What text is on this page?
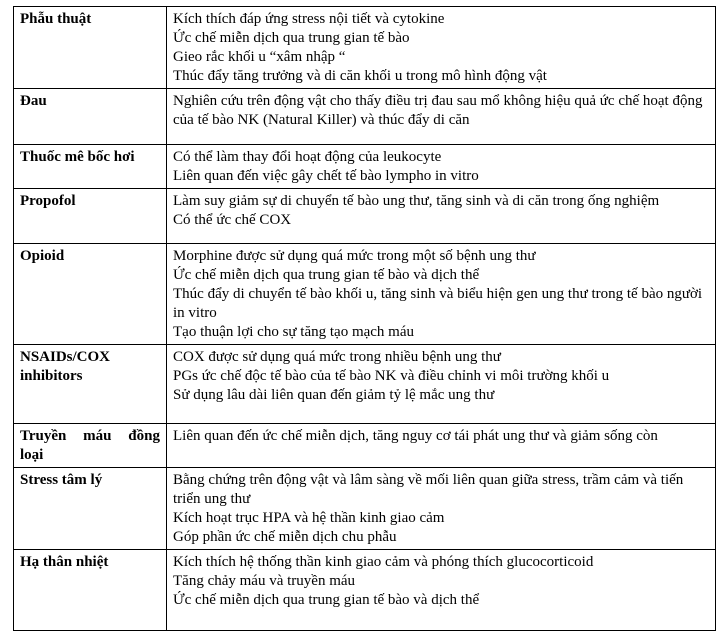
Phẫu thuật	Kích thích đáp ứng stress nội tiết và cytokine
Ức chế miễn dịch qua trung gian tế bào
Gieo rắc khối u “xâm nhập “
Thúc đẩy tăng trưởng và di căn khối u trong mô hình động vật

Đau	Nghiên cứu trên động vật cho thấy điều trị đau sau mổ không hiệu quả ức chế hoạt động của tế bào NK (Natural Killer) và thúc đẩy di căn

Thuốc mê bốc hơi	Có thể làm thay đổi hoạt động của leukocyte
Liên quan đến việc gây chết tế bào lympho in vitro

Propofol	Làm suy giảm sự di chuyển tế bào ung thư, tăng sinh và di căn trong ống nghiệm
Có thể ức chế COX

Opioid	Morphine được sử dụng quá mức trong một số bệnh ung thư
Ức chế miễn dịch qua trung gian tế bào và dịch thể
Thúc đẩy di chuyển tế bào khối u, tăng sinh và biểu hiện gen ung thư trong tế bào người in vitro
Tạo thuận lợi cho sự tăng tạo mạch máu

NSAIDs/COX inhibitors	COX được sử dụng quá mức trong nhiều bệnh ung thư
PGs ức chế độc tế bào của tế bào NK và điều chỉnh vi môi trường khối u
Sử dụng lâu dài liên quan đến giảm tỷ lệ mắc ung thư

Truyền máu đồng loại	Liên quan đến ức chế miễn dịch, tăng nguy cơ tái phát ung thư và giảm sống còn

Stress tâm lý	Bằng chứng trên động vật và lâm sàng về mối liên quan giữa stress, trầm cảm và tiến triển ung thư
Kích hoạt trục HPA và hệ thần kinh giao cảm
Góp phần ức chế miễn dịch chu phẫu

Hạ thân nhiệt	Kích thích hệ thống thần kinh giao cảm và phóng thích glucocorticoid
Tăng chảy máu và truyền máu
Ức chế miễn dịch qua trung gian tế bào và dịch thể
